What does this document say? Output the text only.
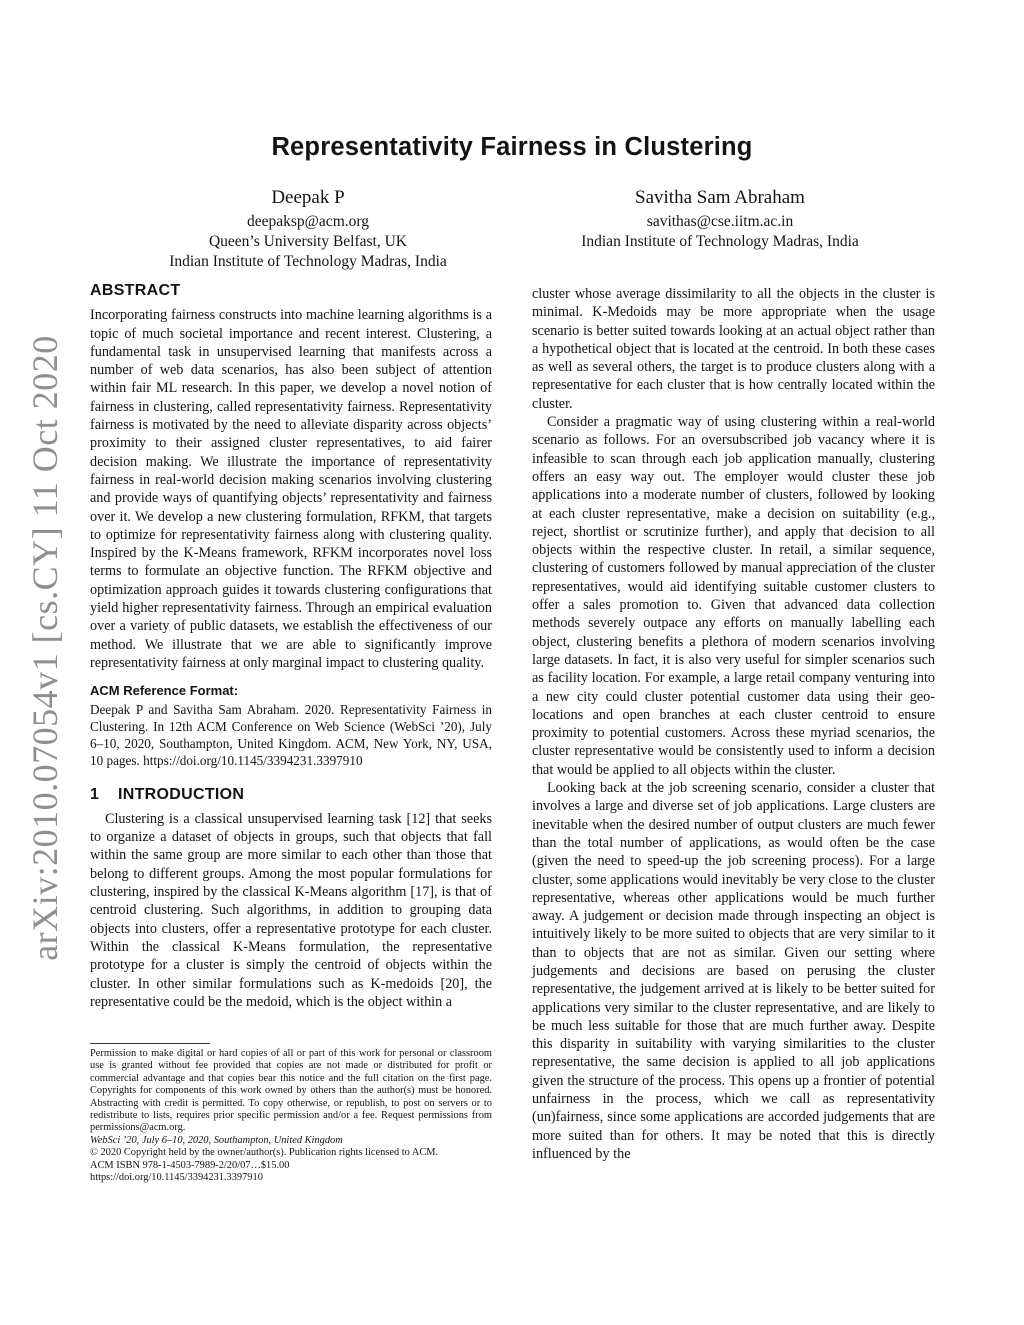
arXiv:2010.07054v1 [cs.CY] 11 Oct 2020
Representativity Fairness in Clustering
Deepak P
deepaksp@acm.org
Queen’s University Belfast, UK
Indian Institute of Technology Madras, India
Savitha Sam Abraham
savithas@cse.iitm.ac.in
Indian Institute of Technology Madras, India
ABSTRACT

Incorporating fairness constructs into machine learning algorithms is a topic of much societal importance and recent interest. Clustering, a fundamental task in unsupervised learning that manifests across a number of web data scenarios, has also been subject of attention within fair ML research. In this paper, we develop a novel notion of fairness in clustering, called representativity fairness. Representativity fairness is motivated by the need to alleviate disparity across objects’ proximity to their assigned cluster representatives, to aid fairer decision making. We illustrate the importance of representativity fairness in real-world decision making scenarios involving clustering and provide ways of quantifying objects’ representativity and fairness over it. We develop a new clustering formulation, RFKM, that targets to optimize for representativity fairness along with clustering quality. Inspired by the K-Means framework, RFKM incorporates novel loss terms to formulate an objective function. The RFKM objective and optimization approach guides it towards clustering configurations that yield higher representativity fairness. Through an empirical evaluation over a variety of public datasets, we establish the effectiveness of our method. We illustrate that we are able to significantly improve representativity fairness at only marginal impact to clustering quality.

ACM Reference Format:

Deepak P and Savitha Sam Abraham. 2020. Representativity Fairness in Clustering. In 12th ACM Conference on Web Science (WebSci ’20), July 6–10, 2020, Southampton, United Kingdom. ACM, New York, NY, USA, 10 pages. https://doi.org/10.1145/3394231.3397910

1 INTRODUCTION

Clustering is a classical unsupervised learning task [12] that seeks to organize a dataset of objects in groups, such that objects that fall within the same group are more similar to each other than those that belong to different groups. Among the most popular formulations for clustering, inspired by the classical K-Means algorithm [17], is that of centroid clustering. Such algorithms, in addition to grouping data objects into clusters, offer a representative prototype for each cluster. Within the classical K-Means formulation, the representative prototype for a cluster is simply the centroid of objects within the cluster. In other similar formulations such as K-medoids [20], the representative could be the medoid, which is the object within a

Permission to make digital or hard copies of all or part of this work for personal or classroom use is granted without fee provided that copies are not made or distributed for profit or commercial advantage and that copies bear this notice and the full citation on the first page. Copyrights for components of this work owned by others than the author(s) must be honored. Abstracting with credit is permitted. To copy otherwise, or republish, to post on servers or to redistribute to lists, requires prior specific permission and/or a fee. Request permissions from permissions@acm.org.

WebSci ’20, July 6–10, 2020, Southampton, United Kingdom

© 2020 Copyright held by the owner/author(s). Publication rights licensed to ACM.

ACM ISBN 978-1-4503-7989-2/20/07…$15.00

https://doi.org/10.1145/3394231.3397910

cluster whose average dissimilarity to all the objects in the cluster is minimal. K-Medoids may be more appropriate when the usage scenario is better suited towards looking at an actual object rather than a hypothetical object that is located at the centroid. In both these cases as well as several others, the target is to produce clusters along with a representative for each cluster that is how centrally located within the cluster.

Consider a pragmatic way of using clustering within a real-world scenario as follows. For an oversubscribed job vacancy where it is infeasible to scan through each job application manually, clustering offers an easy way out. The employer would cluster these job applications into a moderate number of clusters, followed by looking at each cluster representative, make a decision on suitability (e.g., reject, shortlist or scrutinize further), and apply that decision to all objects within the respective cluster. In retail, a similar sequence, clustering of customers followed by manual appreciation of the cluster representatives, would aid identifying suitable customer clusters to offer a sales promotion to. Given that advanced data collection methods severely outpace any efforts on manually labelling each object, clustering benefits a plethora of modern scenarios involving large datasets. In fact, it is also very useful for simpler scenarios such as facility location. For example, a large retail company venturing into a new city could cluster potential customer data using their geo-locations and open branches at each cluster centroid to ensure proximity to potential customers. Across these myriad scenarios, the cluster representative would be consistently used to inform a decision that would be applied to all objects within the cluster.

Looking back at the job screening scenario, consider a cluster that involves a large and diverse set of job applications. Large clusters are inevitable when the desired number of output clusters are much fewer than the total number of applications, as would often be the case (given the need to speed-up the job screening process). For a large cluster, some applications would inevitably be very close to the cluster representative, whereas other applications would be much further away. A judgement or decision made through inspecting an object is intuitively likely to be more suited to objects that are very similar to it than to objects that are not as similar. Given our setting where judgements and decisions are based on perusing the cluster representative, the judgement arrived at is likely to be better suited for applications very similar to the cluster representative, and are likely to be much less suitable for those that are much further away. Despite this disparity in suitability with varying similarities to the cluster representative, the same decision is applied to all job applications given the structure of the process. This opens up a frontier of potential unfairness in the process, which we call as representativity (un)fairness, since some applications are accorded judgements that are more suited than for others. It may be noted that this is directly influenced by the
